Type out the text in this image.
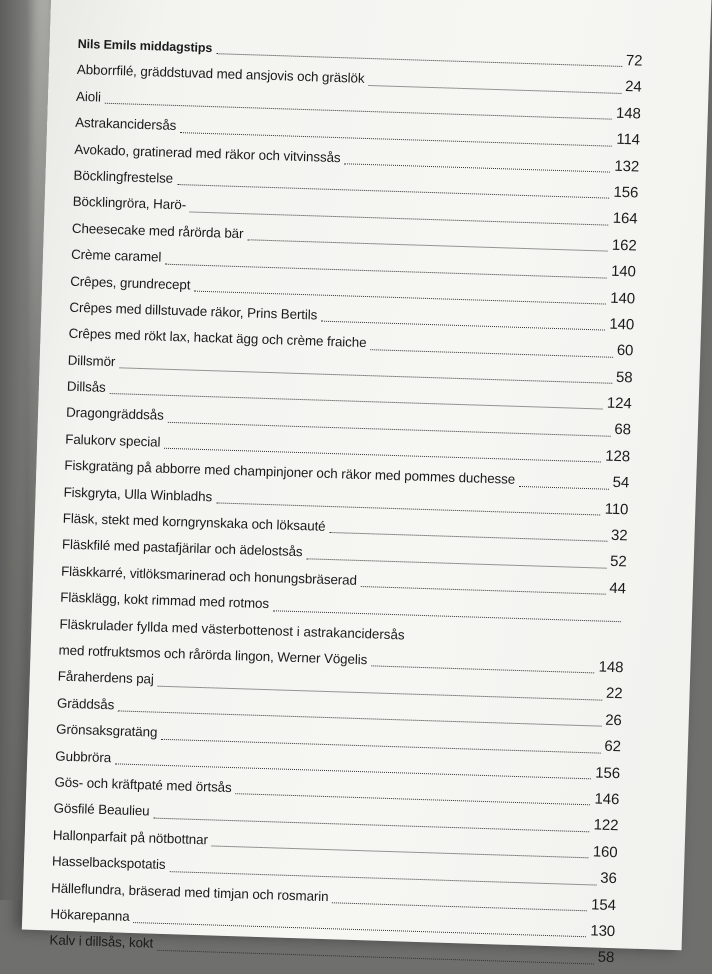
Nils Emils middagstips
72
Abborrfilé, gräddstuvad med ansjovis och gräslök
24
Aioli
148
Astrakancidersås
114
Avokado, gratinerad med räkor och vitvinssås
132
Böcklingfrestelse
156
Böcklingröra, Harö-
164
Cheesecake med rårörda bär
162
Crème caramel
140
Crêpes, grundrecept
140
Crêpes med dillstuvade räkor, Prins Bertils
140
Crêpes med rökt lax, hackat ägg och crème fraiche
60
Dillsmör
58
Dillsås
124
Dragongräddsås
68
Falukorv special
128
Fiskgratäng på abborre med champinjoner och räkor med pommes duchesse	54
Fiskgryta, Ulla Winbladhs
110
Fläsk, stekt med korngrynskaka och löksauté
32
Fläskfilé med pastafjärilar och ädelostsås
52
Fläskkarré, vitlöksmarinerad och honungsbräserad
44
Fläsklägg, kokt rimmad med rotmos
Fläskrulader fyllda med västerbottenost i astrakancidersås
med rotfruktsmos och rårörda lingon, Werner Vögelis
148
Fåraherdens paj
22
Gräddsås
26
Grönsaksgratäng
62
Gubbröra
156
Gös- och kräftpaté med örtsås
146
Gösfilé Beaulieu
122
Hallonparfait på nötbottnar
160
Hasselbackspotatis
36
Hälleflundra, bräserad med timjan och rosmarin
154
Hökarepanna
130
Kalv i dillsås, kokt
58
